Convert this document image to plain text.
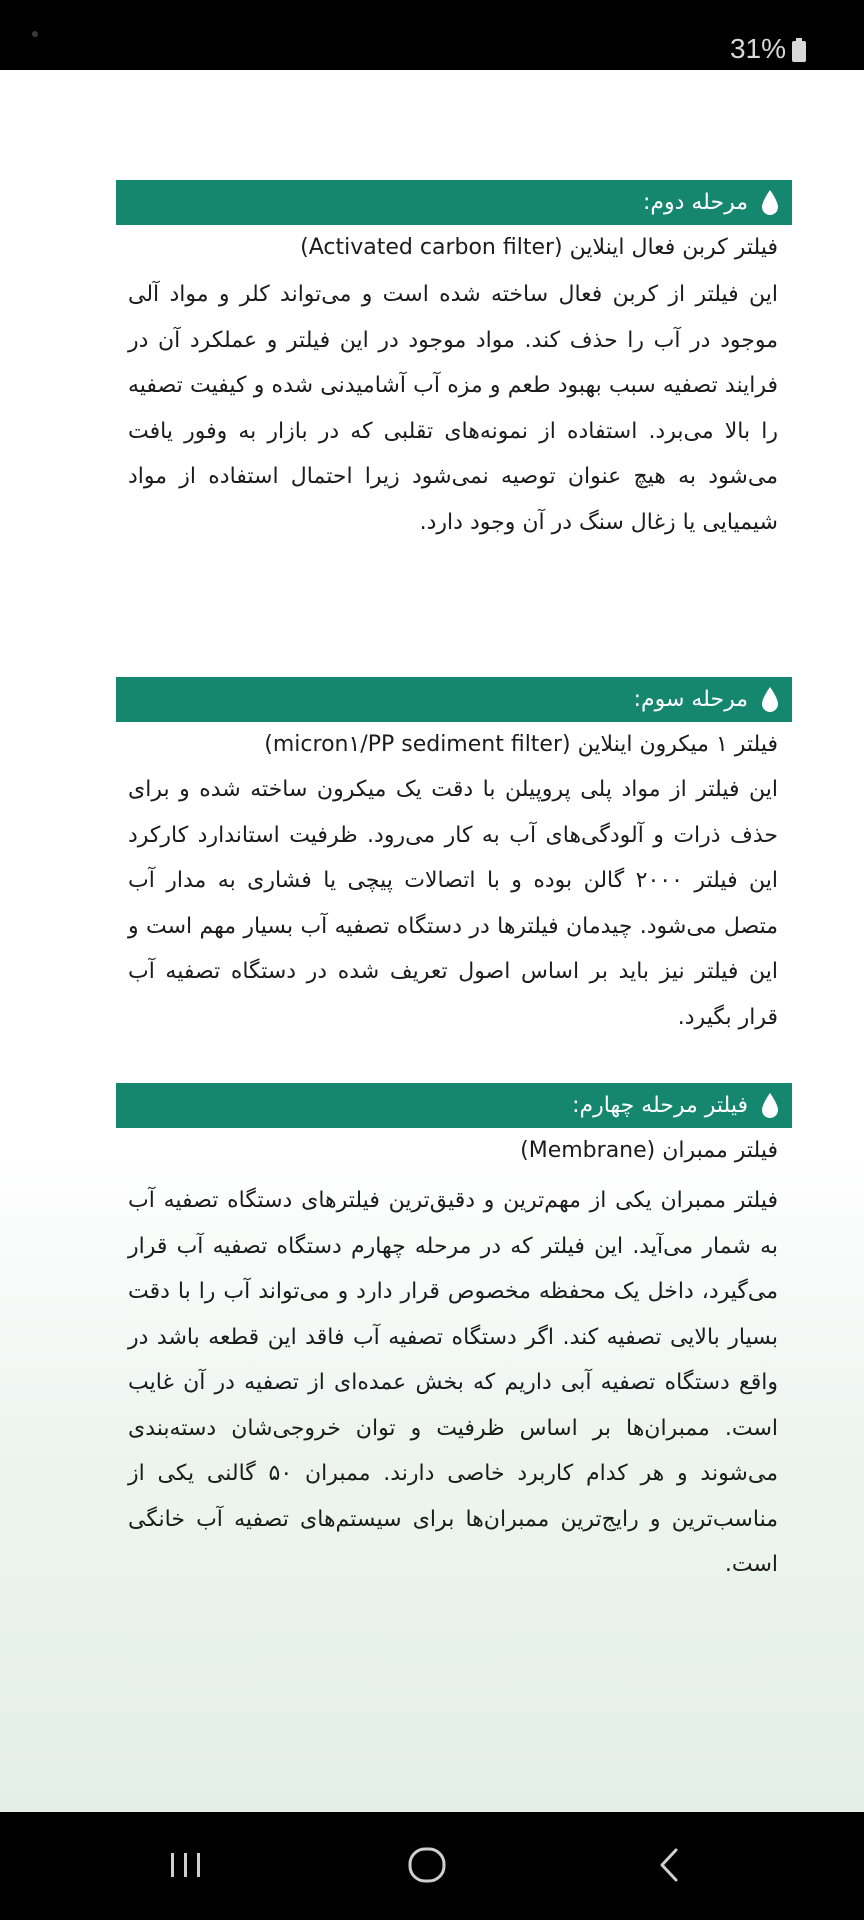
31%
مرحله دوم:
فیلتر کربن فعال اینلاین (Activated carbon filter)

این فیلتر از کربن فعال ساخته شده است و می‌تواند کلر و مواد آلی موجود در آب را حذف کند. مواد موجود در این فیلتر و عملکرد آن در فرایند تصفیه سبب بهبود طعم و مزه آب آشامیدنی شده و کیفیت تصفیه را بالا می‌برد. استفاده از نمونه‌های تقلبی که در بازار به وفور یافت می‌شود به هیچ عنوان توصیه نمی‌شود زیرا احتمال استفاده از مواد شیمیایی یا زغال سنگ در آن وجود دارد.

مرحله سوم:
فیلتر ۱ میکرون اینلاین (micron۱/PP sediment filter)

این فیلتر از مواد پلی پروپیلن با دقت یک میکرون ساخته شده و برای حذف ذرات و آلودگی‌های آب به کار می‌رود. ظرفیت استاندارد کارکرد این فیلتر ۲۰۰۰ گالن بوده و با اتصالات پیچی یا فشاری به مدار آب متصل می‌شود. چیدمان فیلترها در دستگاه تصفیه آب بسیار مهم است و این فیلتر نیز باید بر اساس اصول تعریف شده در دستگاه تصفیه آب قرار بگیرد.

فیلتر مرحله چهارم:
فیلتر ممبران (Membrane)

فیلتر ممبران یکی از مهم‌ترین و دقیق‌ترین فیلترهای دستگاه تصفیه آب به شمار می‌آید. این فیلتر که در مرحله چهارم دستگاه تصفیه آب قرار می‌گیرد، داخل یک محفظه مخصوص قرار دارد و می‌تواند آب را با دقت بسیار بالایی تصفیه کند. اگر دستگاه تصفیه آب فاقد این قطعه باشد در واقع دستگاه تصفیه آبی داریم که بخش عمده‌ای از تصفیه در آن غایب است. ممبران‌ها بر اساس ظرفیت و توان خروجی‌شان دسته‌بندی می‌شوند و هر کدام کاربرد خاصی دارند. ممبران ۵۰ گالنی یکی از مناسب‌ترین و رایج‌ترین ممبران‌ها برای سیستم‌های تصفیه آب خانگی است.
